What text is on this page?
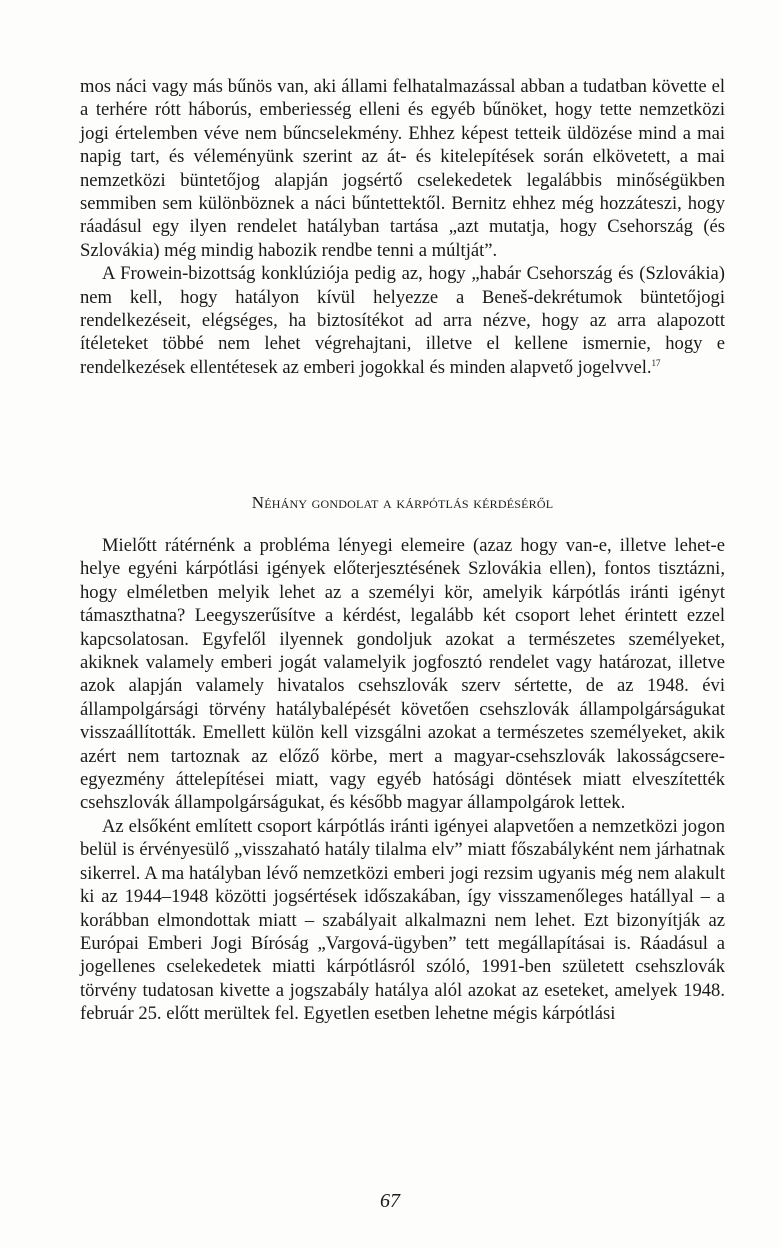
mos náci vagy más bűnös van, aki állami felhatalmazással abban a tudatban követte el a terhére rótt háborús, emberiesség elleni és egyéb bűnöket, hogy tette nemzetközi jogi értelemben véve nem bűncselekmény. Ehhez képest tetteik üldözése mind a mai napig tart, és véleményünk szerint az át- és kitelepítések során elkövetett, a mai nemzetközi büntetőjog alapján jogsértő cselekedetek legalábbis minőségükben semmiben sem különböznek a náci bűntettektől. Bernitz ehhez még hozzáteszi, hogy ráadásul egy ilyen rendelet hatályban tartása „azt mutatja, hogy Csehország (és Szlovákia) még mindig habozik rendbe tenni a múltját”.

A Frowein-bizottság konklúziója pedig az, hogy „habár Csehország és (Szlovákia) nem kell, hogy hatályon kívül helyezze a Beneš-dekrétumok büntetőjogi rendelkezéseit, elégséges, ha biztosítékot ad arra nézve, hogy az arra alapozott ítéleteket többé nem lehet végrehajtani, illetve el kellene ismernie, hogy e rendelkezések ellentétesek az emberi jogokkal és minden alapvető jogelvvel.$^{17}$

Néhány gondolat a kárpótlás kérdéséről

Mielőtt rátérnénk a probléma lényegi elemeire (azaz hogy van-e, illetve lehet-e helye egyéni kárpótlási igények előterjesztésének Szlovákia ellen), fontos tisztázni, hogy elméletben melyik lehet az a személyi kör, amelyik kárpótlás iránti igényt támaszthatna? Leegyszerűsítve a kérdést, legalább két csoport lehet érintett ezzel kapcsolatosan. Egyfelől ilyennek gondoljuk azokat a természetes személyeket, akiknek valamely emberi jogát valamelyik jogfosztó rendelet vagy határozat, illetve azok alapján valamely hivatalos csehszlovák szerv sértette, de az 1948. évi állampolgársági törvény hatálybalépését követően csehszlovák állampolgárságukat visszaállították. Emellett külön kell vizsgálni azokat a természetes személyeket, akik azért nem tartoznak az előző körbe, mert a magyar-csehszlovák lakosságcsere-egyezmény áttelepítései miatt, vagy egyéb hatósági döntések miatt elveszítették csehszlovák állampolgárságukat, és később magyar állampolgárok lettek.

Az elsőként említett csoport kárpótlás iránti igényei alapvetően a nemzetközi jogon belül is érvényesülő „visszaható hatály tilalma elv” miatt főszabályként nem járhatnak sikerrel. A ma hatályban lévő nemzetközi emberi jogi rezsim ugyanis még nem alakult ki az 1944–1948 közötti jogsértések időszakában, így visszamenőleges hatállyal – a korábban elmondottak miatt – szabályait alkalmazni nem lehet. Ezt bizonyítják az Európai Emberi Jogi Bíróság „Vargová-ügyben” tett megállapításai is. Ráadásul a jogellenes cselekedetek miatti kárpótlásról szóló, 1991-ben született csehszlovák törvény tudatosan kivette a jogszabály hatálya alól azokat az eseteket, amelyek 1948. február 25. előtt merültek fel. Egyetlen esetben lehetne mégis kárpótlási

67
